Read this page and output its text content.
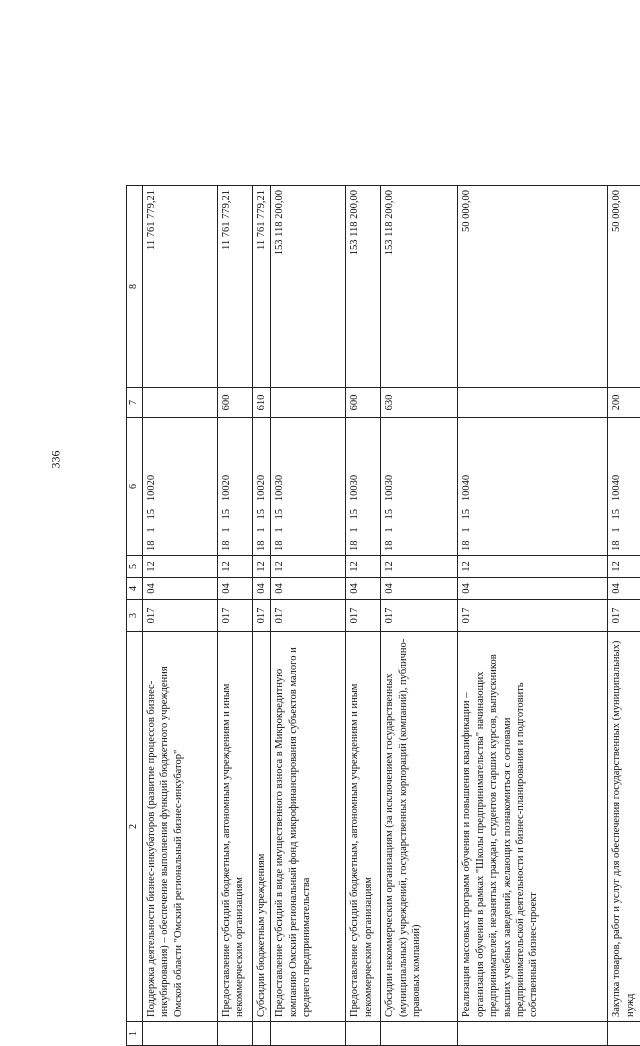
336
1	2	3	4	5	6	7	8
	Поддержка деятельности бизнес-инкубаторов (развитие процессов бизнес-инкубирования) – обеспечение выполнения функций бюджетного учреждения Омской области "Омский региональный бизнес-инкубатор"	017	04	12	18   1   15   10020		11 761 779,21
	Предоставление субсидий бюджетным, автономным учреждениям и иным некоммерческим организациям	017	04	12	18   1   15   10020	600	11 761 779,21
	Субсидии бюджетным учреждениям	017	04	12	18   1   15   10020	610	11 761 779,21
	Предоставление субсидий в виде имущественного взноса в Микрокредитную компанию Омский региональный фонд микрофинансирования субъектов малого и среднего предпринимательства	017	04	12	18   1   15   10030		153 118 200,00
	Предоставление субсидий бюджетным, автономным учреждениям и иным некоммерческим организациям	017	04	12	18   1   15   10030	600	153 118 200,00
	Субсидии некоммерческим организациям (за исключением государственных (муниципальных) учреждений, государственных корпораций (компаний), публично-правовых компаний)	017	04	12	18   1   15   10030	630	153 118 200,00
	Реализация массовых программ обучения и повышения квалификации – организация обучения в рамках "Школы предпринимательства" начинающих предпринимателей, незанятых граждан, студентов старших курсов, выпускников высших учебных заведений, желающих познакомиться с основами предпринимательской деятельности и бизнес-планирования и подготовить собственный бизнес-проект	017	04	12	18   1   15   10040		50 000,00
	Закупка товаров, работ и услуг для обеспечения государственных (муниципальных) нужд	017	04	12	18   1   15   10040	200	50 000,00
